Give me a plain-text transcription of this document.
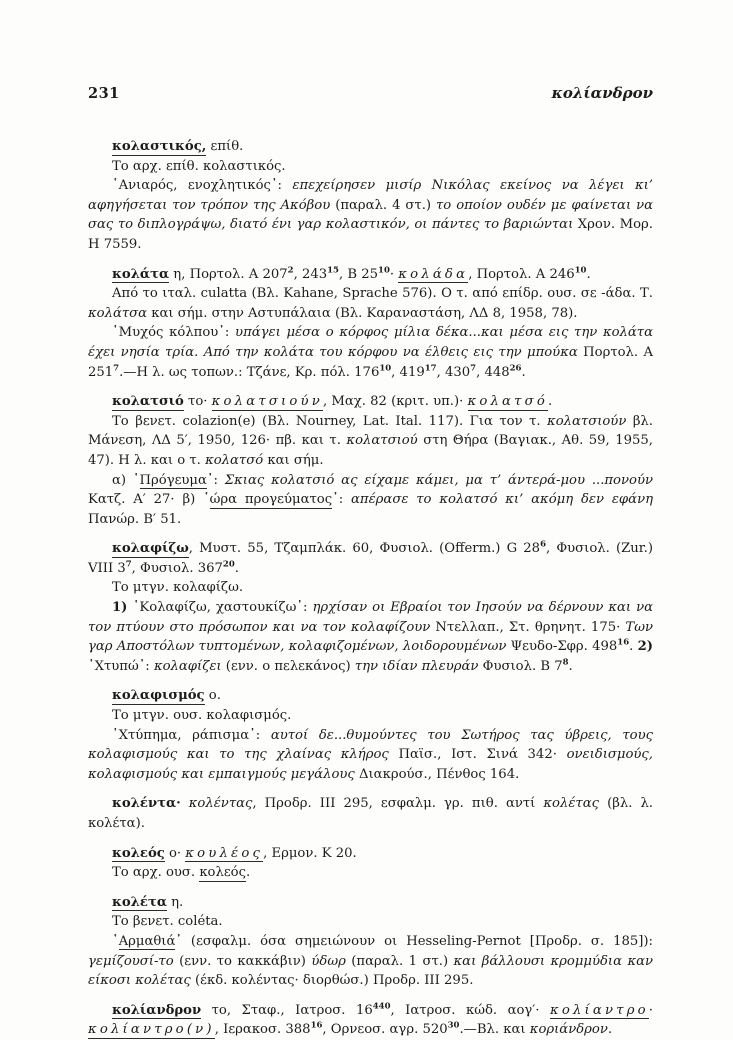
231	κολίανδρον

κολαστικός, επίθ.

Το αρχ. επίθ. κολαστικός.

῾Ανιαρός, ενοχλητικός᾿: επεχείρησεν μισίρ Νικόλας εκείνος να λέγει κι’ αφηγήσεται τον τρόπον της Ακόβου (παραλ. 4 στ.) το οποίον ουδέν με φαίνεται να σας το διπλογράψω, διατό ένι γαρ κολαστικόν, οι πάντες το βαριώνται Χρον. Μορ. Η 7559.

κολάτα η, Πορτολ. Α $207^2$, $243^{15}$, Β $25^{10}\cdot \kappa o\lambda ά\delta\alpha$, Πορτολ. Α $246^{10}$.

Από το ιταλ. culatta (Βλ. Kahane, Sprache 576). Ο τ. από επίδρ. ουσ. σε -άδα. Τ. κολάτσα και σήμ. στην Αστυπάλαια (Βλ. Καραναστάση, ΛΔ 8, 1958, 78).

῾Μυχός κόλπου᾿: υπάγει μέσα ο κόρφος μίλια δέκα...και μέσα εις την κολάτα έχει νησία τρία. Από την κολάτα του κόρφου να έλθεις εις την μπούκα Πορτολ. Α $251^7.—H$ λ. ως τοπων.: Τζάνε, Κρ. πόλ. $176^{10}$, $419^{17}$, $430^7$, $448^{26}$.

κολατσιό το· κολατσιούν, Μαχ. 82 (κριτ. υπ.)· κολατσό.

Το βενετ. colazion(e) (Βλ. Nourney, Lat. Ital. 117). Για τον τ. κολατσιούν βλ. Μάνεση, ΛΔ 5′, 1950, 126· πβ. και τ. κολατσιού στη Θήρα (Βαγιακ., Αθ. 59, 1955, 47). Η λ. και ο τ. κολατσό και σήμ.

α) ῾Πρόγευμα᾿: Σκιας κολατσιό ας είχαμε κάμει, μα τ’ άντερά-μου ...πονούν Κατζ. Α′ 27· β) ῾ώρα προγεύματος᾿: απέρασε το κολατσό κι’ ακόμη δεν εφάνη Πανώρ. Β′ 51.

κολαφίζω, Μυστ. 55, Τζαμπλάκ. 60, Φυσιολ. (Offerm.) G $28^6$, Φυσιολ. (Zur.) VIII $3^7$, Φυσιολ. $367^{20}$.

Το μτγν. κολαφίζω.

1) ῾Κολαφίζω, χαστουκίζω᾿: ηρχίσαν οι Εβραίοι τον Ιησούν να δέρνουν και να τον πτύουν στο πρόσωπον και να τον κολαφίζουν Ντελλαπ., Στ. θρηνητ. 175· Των γαρ Αποστόλων τυπτομένων, κολαφιζομένων, λοιδορουμένων Ψευδο-Σφρ. $498^{16}$. 2) ῾Χτυπώ᾿: κολαφίζει (ενν. ο πελεκάνος) την ιδίαν πλευράν Φυσιολ. Β $7^8$.

κολαφισμός ο.

Το μτγν. ουσ. κολαφισμός.

῾Χτύπημα, ράπισμα᾿: αυτοί δε...θυμούντες του Σωτήρος τας ύβρεις, τους κολαφισμούς και το της χλαίνας κλήρος Παϊσ., Ιστ. Σινά 342· ονειδισμούς, κολαφισμούς και εμπαιγμούς μεγάλους Διακρούσ., Πένθος 164.

κολέντα· κολέντας, Προδρ. III 295, εσφαλμ. γρ. πιθ. αντί κολέτας (βλ. λ. κολέτα).

κολεός ο· κουλέος, Ερμον. Κ 20.

Το αρχ. ουσ. κολεός.

κολέτα η.

Το βενετ. coléta.

῾Αρμαθιά᾿ (εσφαλμ. όσα σημειώνουν οι Hesseling-Pernot [Προδρ. σ. 185]): γεμίζουσί-το (ενν. το κακκάβιν) ύδωρ (παραλ. 1 στ.) και βάλλουσι κρομμύδια καν είκοσι κολέτας (έκδ. κολέντας· διορθώσ.) Προδρ. III 295.

κολίανδρον το, Σταφ., Ιατροσ. $16^{440}$, Ιατροσ. κώδ. αογ′· κολίαντρο· κολίαντρο(ν), Ιερακοσ. $388^{16}$, Ορνεοσ. αγρ. $520^{30}.—B\lambda$. και κοριάνδρον.
